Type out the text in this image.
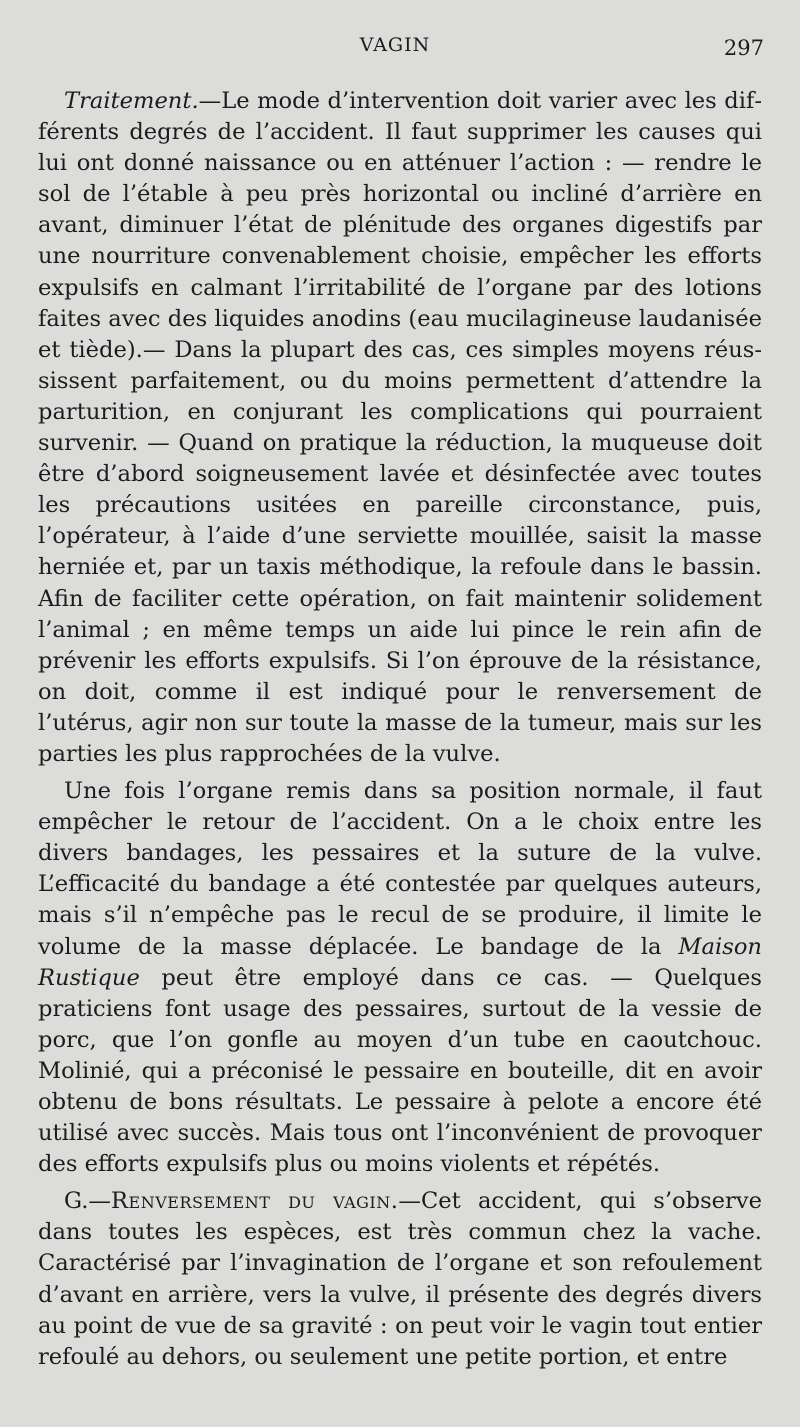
VAGIN	297

Traitement.—Le mode d’intervention doit varier avec les différents degrés de l’accident. Il faut supprimer les causes qui lui ont donné naissance ou en atténuer l’action : — rendre le sol de l’étable à peu près horizontal ou incliné d’arrière en avant, diminuer l’état de plénitude des organes digestifs par une nourriture convenablement choisie, empêcher les efforts expulsifs en calmant l’irritabilité de l’organe par des lotions faites avec des liquides anodins (eau mucilagineuse laudanisée et tiède).— Dans la plupart des cas, ces simples moyens réussissent parfaitement, ou du moins permettent d’attendre la parturition, en conjurant les complications qui pourraient survenir. — Quand on pratique la réduction, la muqueuse doit être d’abord soigneusement lavée et désinfectée avec toutes les précautions usitées en pareille circonstance, puis, l’opérateur, à l’aide d’une serviette mouillée, saisit la masse herniée et, par un taxis méthodique, la refoule dans le bassin. Afin de faciliter cette opération, on fait maintenir solidement l’animal ; en même temps un aide lui pince le rein afin de prévenir les efforts expulsifs. Si l’on éprouve de la résistance, on doit, comme il est indiqué pour le renversement de l’utérus, agir non sur toute la masse de la tumeur, mais sur les parties les plus rapprochées de la vulve.

Une fois l’organe remis dans sa position normale, il faut empêcher le retour de l’accident. On a le choix entre les divers bandages, les pessaires et la suture de la vulve. L’efficacité du bandage a été contestée par quelques auteurs, mais s’il n’empêche pas le recul de se produire, il limite le volume de la masse déplacée. Le bandage de la Maison Rustique peut être employé dans ce cas. — Quelques praticiens font usage des pessaires, surtout de la vessie de porc, que l’on gonfle au moyen d’un tube en caoutchouc. Molinié, qui a préconisé le pessaire en bouteille, dit en avoir obtenu de bons résultats. Le pessaire à pelote a encore été utilisé avec succès. Mais tous ont l’inconvénient de provoquer des efforts expulsifs plus ou moins violents et répétés.

G.—Renversement du vagin.—Cet accident, qui s’observe dans toutes les espèces, est très commun chez la vache. Caractérisé par l’invagination de l’organe et son refoulement d’avant en arrière, vers la vulve, il présente des degrés divers au point de vue de sa gravité : on peut voir le vagin tout entier refoulé au dehors, ou seulement une petite portion, et entre
